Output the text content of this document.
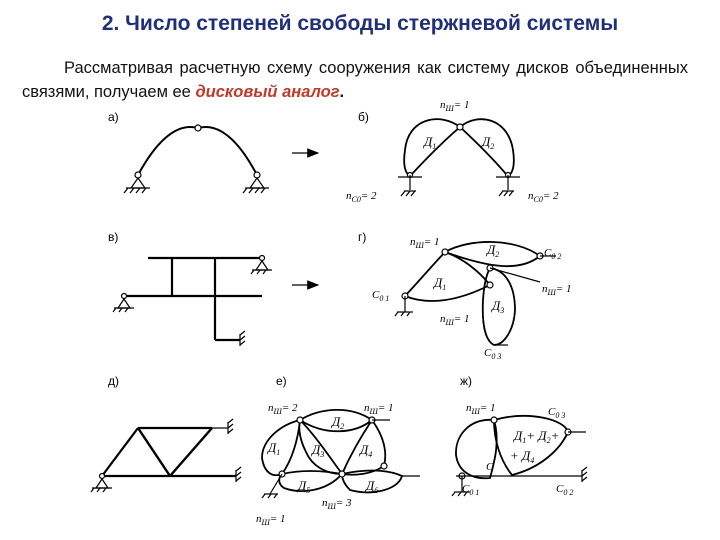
2. Число степеней свободы стержневой системы
Рассматривая расчетную схему сооружения как систему дисков объединенных связями, получаем ее дисковый аналог.
а)	б)
$n_Ш= 1$
$Д_1$	$Д_2$
$n_{C0}= 2$	$n_{C0}= 2$
в)	г)	$n_Ш= 1$	$Д_2$
$Д_1$
$Д_3$
$C_{0 2}$
$C_{0 1}$
$C_{0 3}$
$n_Ш= 1$
$n_Ш= 1$
д)	е)
$n_Ш= 2$	$n_Ш= 1$
$Д_1$
$Д_2$
$Д_3$	$Д_4$
$Д_5$	$Д_6$
$n_Ш= 3$
$n_Ш= 1$
ж)
$n_Ш= 1$	$C_{0 3}$
$Д_1+ Д_2+$
+ $Д_4$
C
$C_{0 1}$	$C_{0 2}$
